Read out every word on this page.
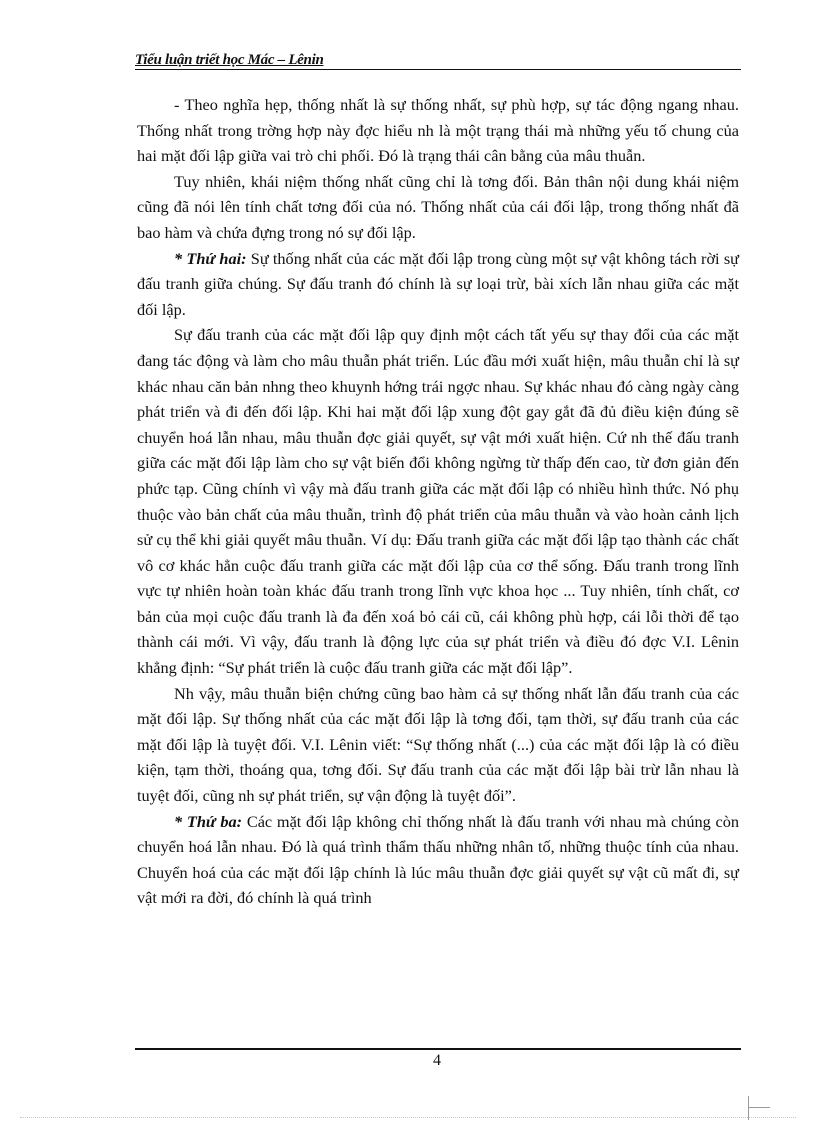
Tiểu luận triết học Mác – Lênin

- Theo nghĩa hẹp, thống nhất là sự thống nhất, sự phù hợp, sự tác động ngang nhau. Thống nhất trong trờng hợp này đợc hiểu nh là một trạng thái mà những yếu tố chung của hai mặt đối lập giữa vai trò chi phối. Đó là trạng thái cân bằng của mâu thuẫn.

Tuy nhiên, khái niệm thống nhất cũng chỉ là tơng đối. Bản thân nội dung khái niệm cũng đã nói lên tính chất tơng đối của nó. Thống nhất của cái đối lập, trong thống nhất đã bao hàm và chứa đựng trong nó sự đối lập.

* Thứ hai: Sự thống nhất của các mặt đối lập trong cùng một sự vật không tách rời sự đấu tranh giữa chúng. Sự đấu tranh đó chính là sự loại trừ, bài xích lẫn nhau giữa các mặt đối lập.

Sự đấu tranh của các mặt đối lập quy định một cách tất yếu sự thay đổi của các mặt đang tác động và làm cho mâu thuẫn phát triển. Lúc đầu mới xuất hiện, mâu thuẫn chỉ là sự khác nhau căn bản nhng theo khuynh hớng trái ngợc nhau. Sự khác nhau đó càng ngày càng phát triển và đi đến đối lập. Khi hai mặt đối lập xung đột gay gắt đã đủ điều kiện đúng sẽ chuyển hoá lẫn nhau, mâu thuẫn đợc giải quyết, sự vật mới xuất hiện. Cứ nh thế đấu tranh giữa các mặt đối lập làm cho sự vật biến đổi không ngừng từ thấp đến cao, từ đơn giản đến phức tạp. Cũng chính vì vậy mà đấu tranh giữa các mặt đối lập có nhiều hình thức. Nó phụ thuộc vào bản chất của mâu thuẫn, trình độ phát triển của mâu thuẫn và vào hoàn cảnh lịch sử cụ thể khi giải quyết mâu thuẫn. Ví dụ: Đấu tranh giữa các mặt đối lập tạo thành các chất vô cơ khác hẳn cuộc đấu tranh giữa các mặt đối lập của cơ thể sống. Đấu tranh trong lĩnh vực tự nhiên hoàn toàn khác đấu tranh trong lĩnh vực khoa học ... Tuy nhiên, tính chất, cơ bản của mọi cuộc đấu tranh là đa đến xoá bỏ cái cũ, cái không phù hợp, cái lỗi thời để tạo thành cái mới. Vì vậy, đấu tranh là động lực của sự phát triển và điều đó đợc V.I. Lênin khẳng định: “Sự phát triển là cuộc đấu tranh giữa các mặt đối lập”.

Nh vậy, mâu thuẫn biện chứng cũng bao hàm cả sự thống nhất lẫn đấu tranh của các mặt đối lập. Sự thống nhất của các mặt đối lập là tơng đối, tạm thời, sự đấu tranh của các mặt đối lập là tuyệt đối. V.I. Lênin viết: “Sự thống nhất (...) của các mặt đối lập là có điều kiện, tạm thời, thoáng qua, tơng đối. Sự đấu tranh của các mặt đối lập bài trừ lẫn nhau là tuyệt đối, cũng nh sự phát triển, sự vận động là tuyệt đối”.

* Thứ ba: Các mặt đối lập không chỉ thống nhất là đấu tranh với nhau mà chúng còn chuyển hoá lẫn nhau. Đó là quá trình thẩm thấu những nhân tố, những thuộc tính của nhau. Chuyển hoá của các mặt đối lập chính là lúc mâu thuẫn đợc giải quyết sự vật cũ mất đi, sự vật mới ra đời, đó chính là quá trình

4
